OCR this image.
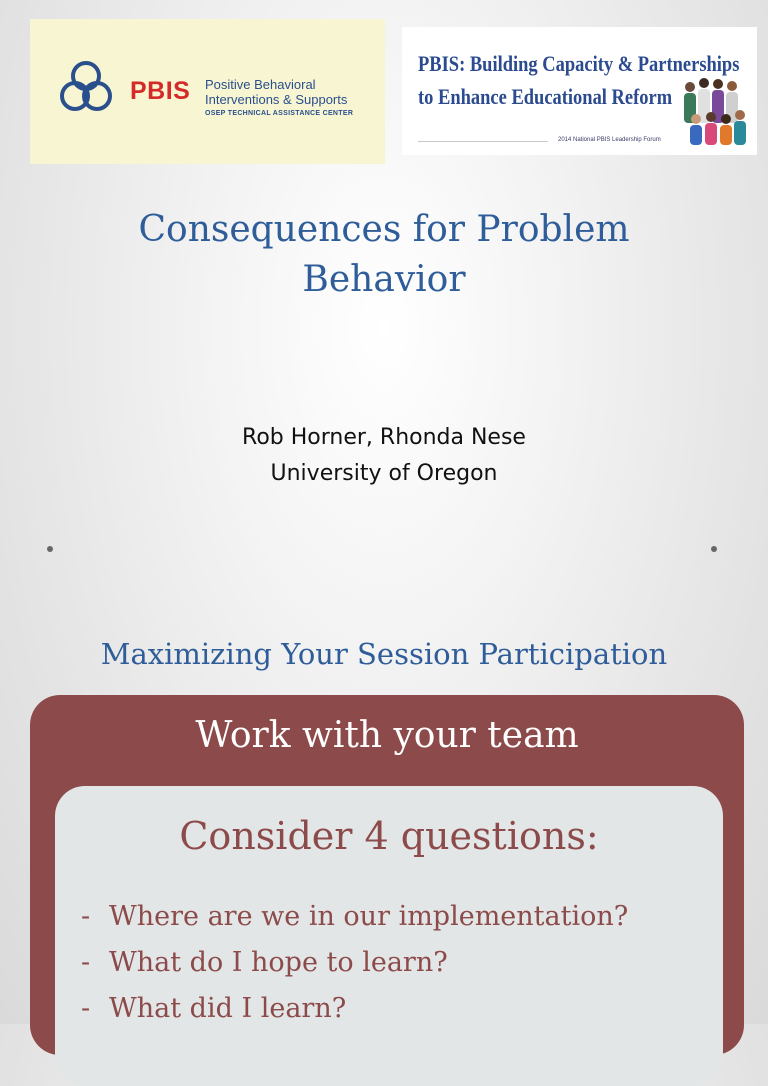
PBIS Positive Behavioral
Interventions & Supports
OSEP TECHNICAL ASSISTANCE CENTER
PBIS: Building Capacity & Partnerships
to Enhance Educational Reform
2014 National PBIS Leadership Forum
Consequences for Problem
Behavior
Rob Horner, Rhonda Nese
University of Oregon
Maximizing Your Session Participation
Work with your team
Consider 4 questions:
- Where are we in our implementation?
- What do I hope to learn?
- What did I learn?
